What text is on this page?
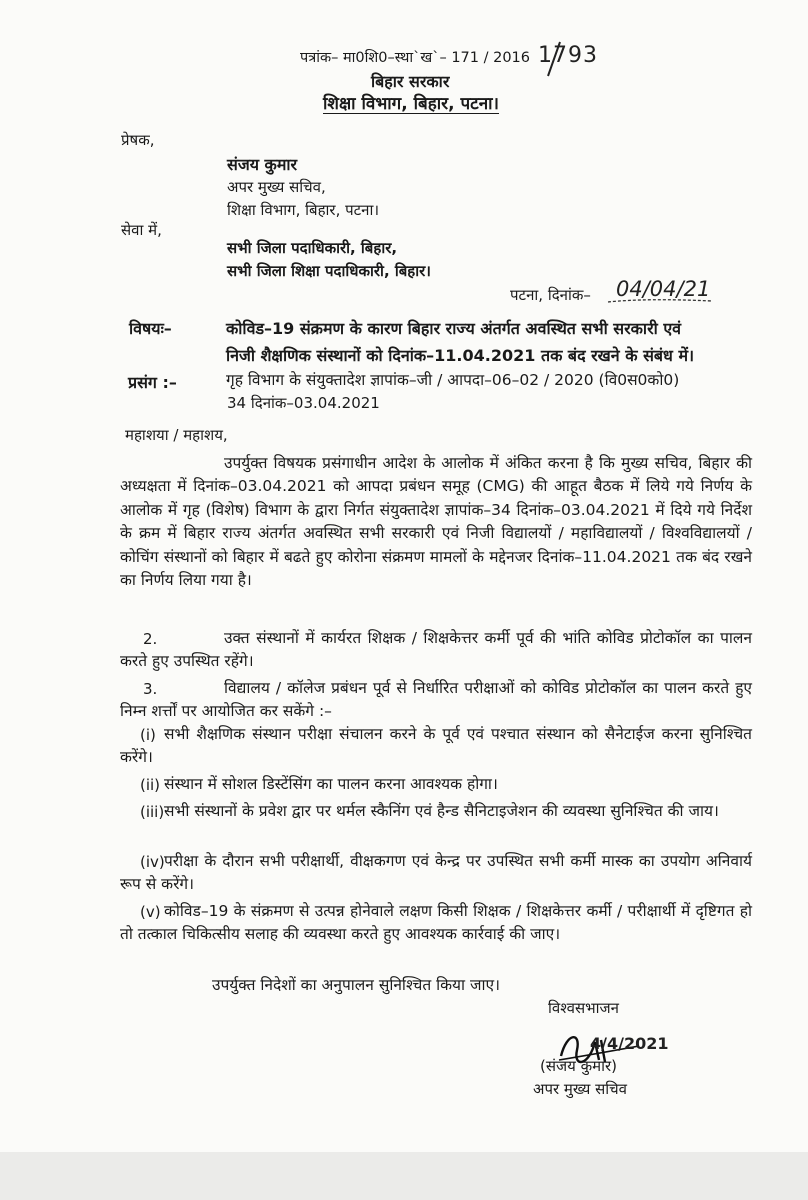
पत्रांक– मा0शि0–स्था`ख`– 171 / 2016 1793
बिहार सरकार
शिक्षा विभाग, बिहार, पटना।
प्रेषक,
संजय कुमार
अपर मुख्य सचिव,
शिक्षा विभाग, बिहार, पटना।
सेवा में,
सभी जिला पदाधिकारी, बिहार,
सभी जिला शिक्षा पदाधिकारी, बिहार।
पटना, दिनांक– 04/04/21
विषयः–	कोविड–19 संक्रमण के कारण बिहार राज्य अंतर्गत अवस्थित सभी सरकारी एवं
निजी शैक्षणिक संस्थानों को दिनांक–11.04.2021 तक बंद रखने के संबंध में।
प्रसंग :–	गृह विभाग के संयुक्तादेश ज्ञापांक–जी / आपदा–06–02 / 2020 (वि0स0को0)
34 दिनांक–03.04.2021
महाशया / महाशय,
उपर्युक्त विषयक प्रसंगाधीन आदेश के आलोक में अंकित करना है कि मुख्य सचिव, बिहार की अध्यक्षता में दिनांक–03.04.2021 को आपदा प्रबंधन समूह (CMG) की आहूत बैठक में लिये गये निर्णय के आलोक में गृह (विशेष) विभाग के द्वारा निर्गत संयुक्तादेश ज्ञापांक–34 दिनांक–03.04.2021 में दिये गये निर्देश के क्रम में बिहार राज्य अंतर्गत अवस्थित सभी सरकारी एवं निजी विद्यालयों / महाविद्यालयों / विश्वविद्यालयों / कोचिंग संस्थानों को बिहार में बढते हुए कोरोना संक्रमण मामलों के मद्देनजर दिनांक–11.04.2021 तक बंद रखने का निर्णय लिया गया है।
2.	उक्त संस्थानों में कार्यरत शिक्षक / शिक्षकेत्तर कर्मी पूर्व की भांति कोविड प्रोटोकॉल का पालन करते हुए उपस्थित रहेंगे।
3.	विद्यालय / कॉलेज प्रबंधन पूर्व से निर्धारित परीक्षाओं को कोविड प्रोटोकॉल का पालन करते हुए निम्न शर्त्तों पर आयोजित कर सकेंगे :–
(i) सभी शैक्षणिक संस्थान परीक्षा संचालन करने के पूर्व एवं पश्चात संस्थान को सैनेटाईज करना सुनिश्चित करेंगे।
(ii) संस्थान में सोशल डिस्टेंसिंग का पालन करना आवश्यक होगा।
(iii) सभी संस्थानों के प्रवेश द्वार पर थर्मल स्कैनिंग एवं हैन्ड सैनिटाइजेशन की व्यवस्था सुनिश्चित की जाय।
(iv) परीक्षा के दौरान सभी परीक्षार्थी, वीक्षकगण एवं केन्द्र पर उपस्थित सभी कर्मी मास्क का उपयोग अनिवार्य रूप से करेंगे।
(v) कोविड–19 के संक्रमण से उत्पन्न होनेवाले लक्षण किसी शिक्षक / शिक्षकेत्तर कर्मी / परीक्षार्थी में दृष्टिगत हो तो तत्काल चिकित्सीय सलाह की व्यवस्था करते हुए आवश्यक कार्रवाई की जाए।
उपर्युक्त निदेशों का अनुपालन सुनिश्चित किया जाए।
विश्वसभाजन
4/4/2021
(संजय कुमार)
अपर मुख्य सचिव
